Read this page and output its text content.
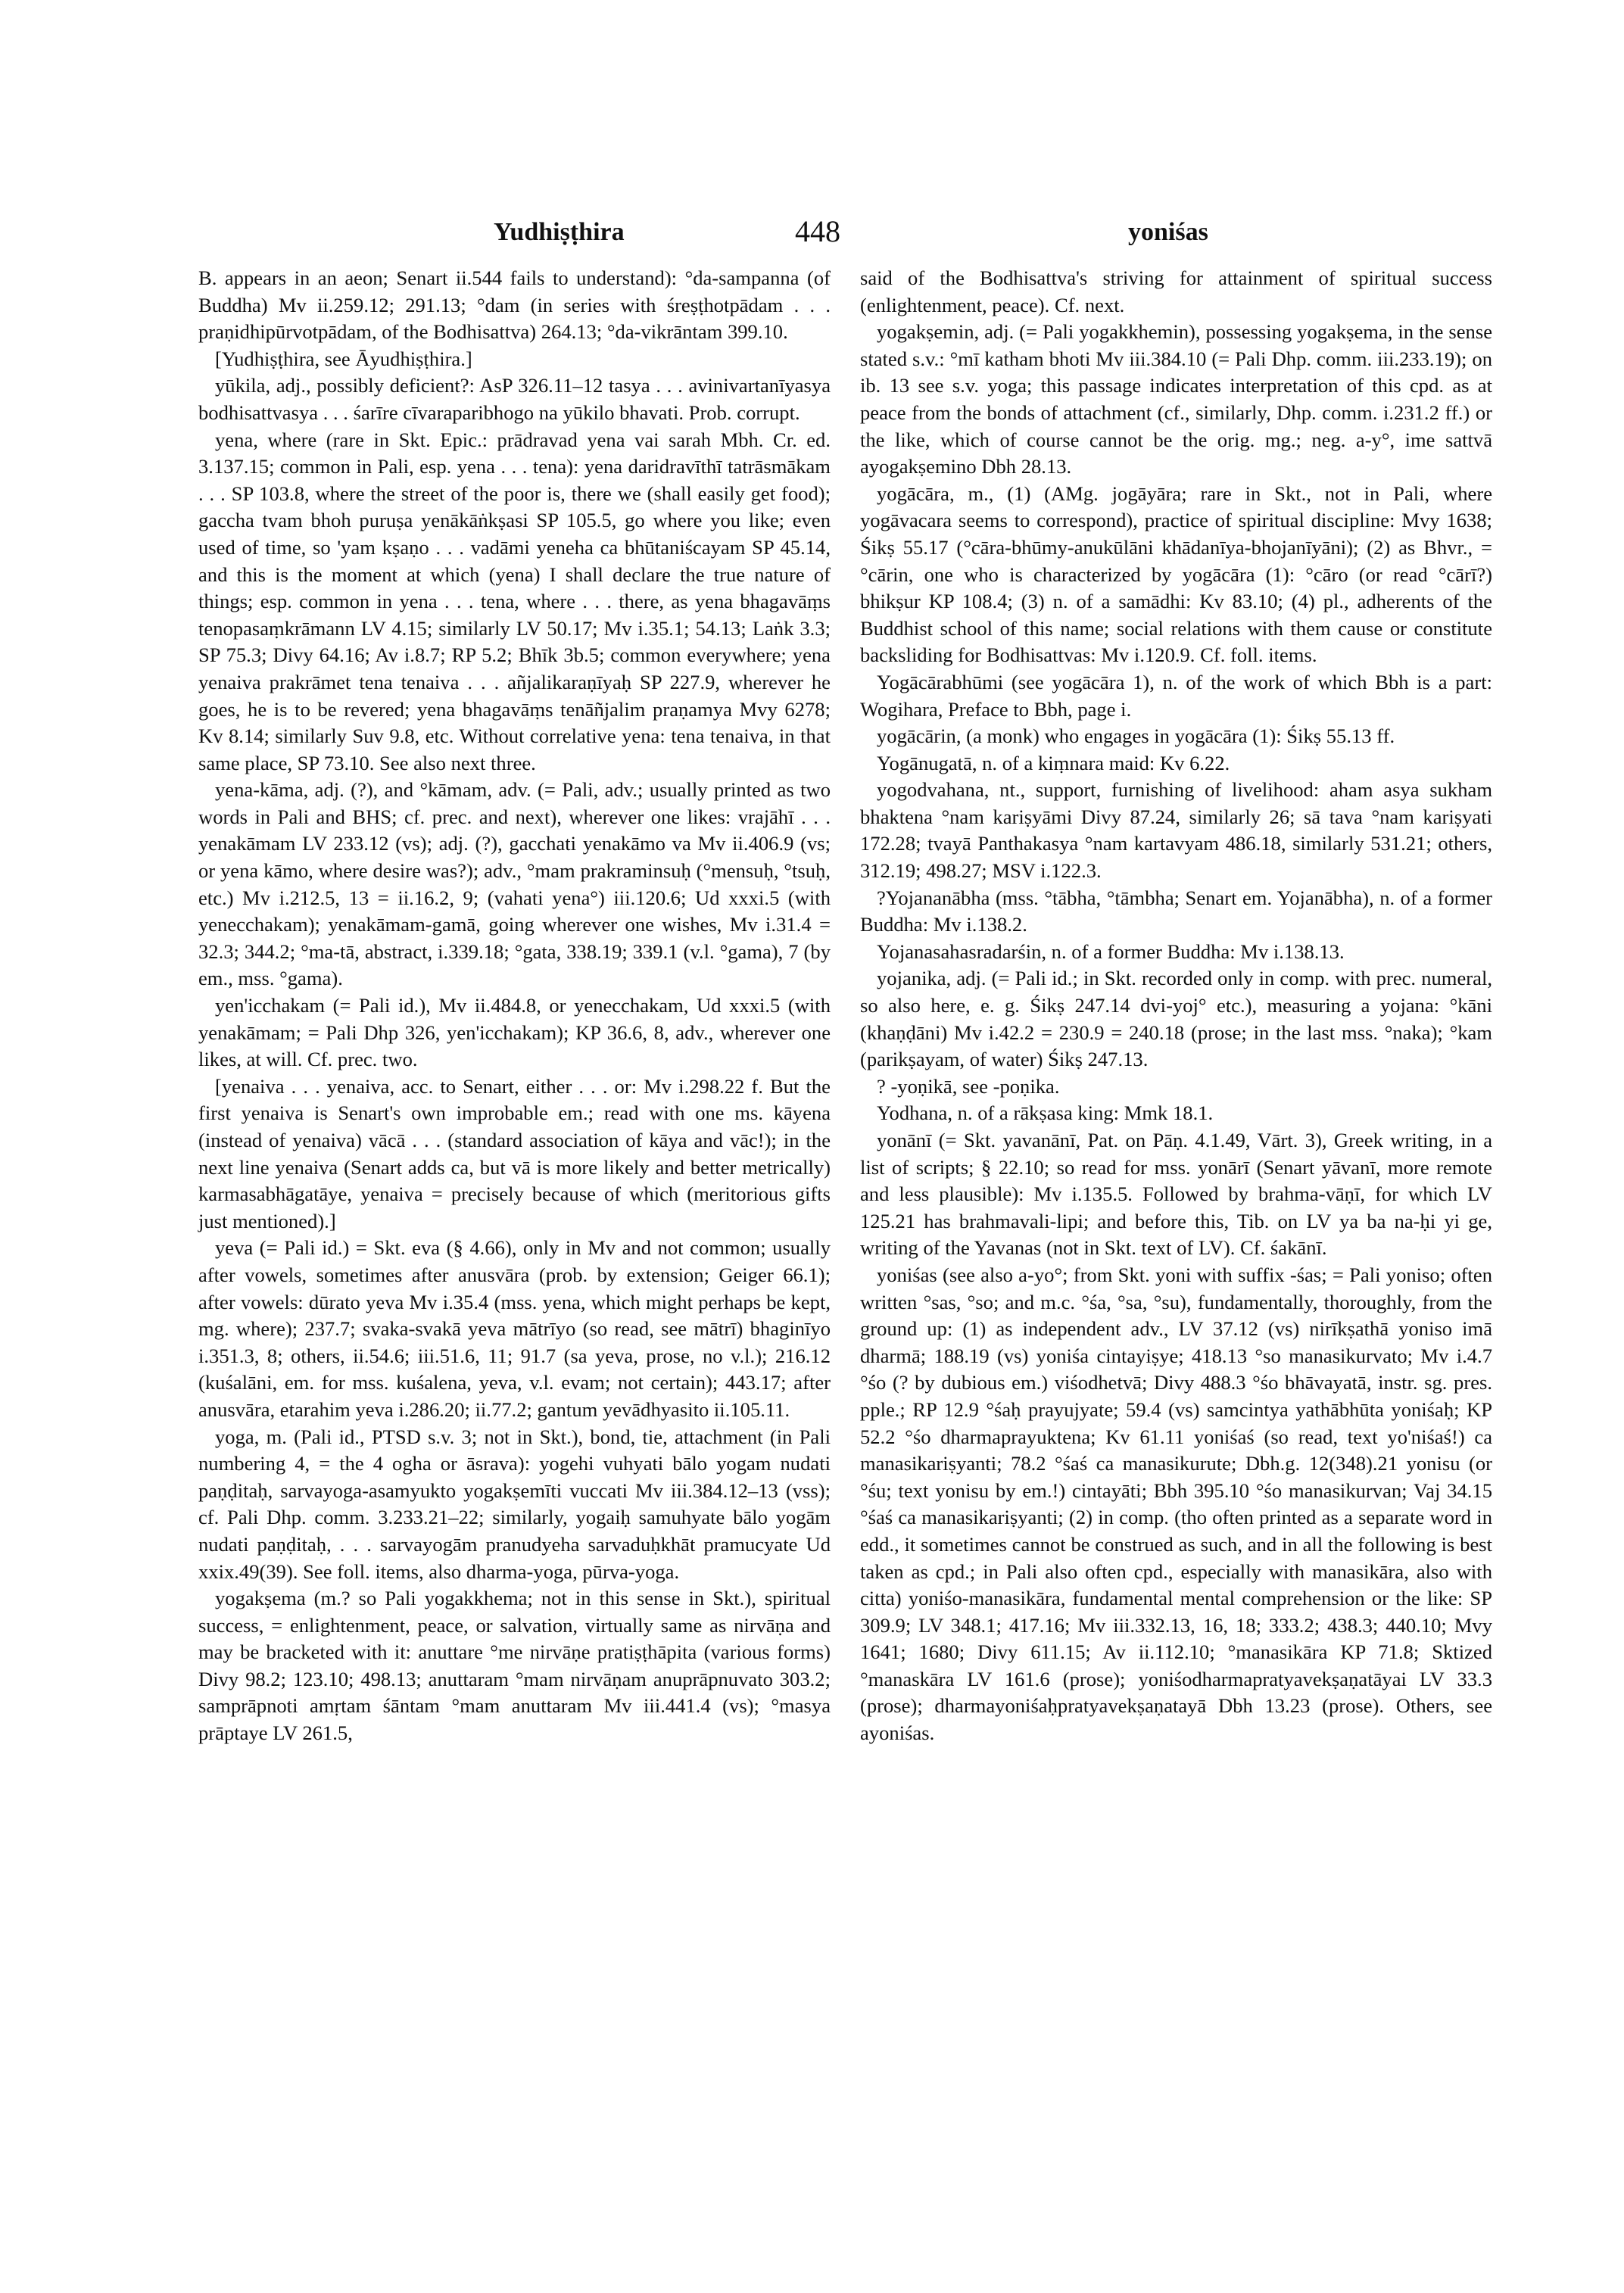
Yudhiṣṭhira	448	yoniśas

B. appears in an aeon; Senart ii.544 fails to understand): °da-sampanna (of Buddha) Mv ii.259.12; 291.13; °dam (in series with śreṣṭhotpādam . . . praṇidhipūrvotpādam, of the Bodhisattva) 264.13; °da-vikrāntam 399.10.

[Yudhiṣṭhira, see Āyudhiṣṭhira.]

yūkila, adj., possibly deficient?: AsP 326.11–12 tasya . . . avinivartanīyasya bodhisattvasya . . . śarīre cīvaraparibhogo na yūkilo bhavati. Prob. corrupt.

yena, where (rare in Skt. Epic.: prādravad yena vai sarah Mbh. Cr. ed. 3.137.15; common in Pali, esp. yena . . . tena): yena daridravīthī tatrāsmākam . . . SP 103.8, where the street of the poor is, there we (shall easily get food); gaccha tvam bhoh puruṣa yenākāṅkṣasi SP 105.5, go where you like; even used of time, so 'yam kṣaṇo . . . vadāmi yeneha ca bhūtaniścayam SP 45.14, and this is the moment at which (yena) I shall declare the true nature of things; esp. common in yena . . . tena, where . . . there, as yena bhagavāṃs tenopasaṃkrāmann LV 4.15; similarly LV 50.17; Mv i.35.1; 54.13; Laṅk 3.3; SP 75.3; Divy 64.16; Av i.8.7; RP 5.2; Bhīk 3b.5; common everywhere; yena yenaiva prakrāmet tena tenaiva . . . añjalikaraṇīyaḥ SP 227.9, wherever he goes, he is to be revered; yena bhagavāṃs tenāñjalim praṇamya Mvy 6278; Kv 8.14; similarly Suv 9.8, etc. Without correlative yena: tena tenaiva, in that same place, SP 73.10. See also next three.

yena-kāma, adj. (?), and °kāmam, adv. (= Pali, adv.; usually printed as two words in Pali and BHS; cf. prec. and next), wherever one likes: vrajāhī . . . yenakāmam LV 233.12 (vs); adj. (?), gacchati yenakāmo va Mv ii.406.9 (vs; or yena kāmo, where desire was?); adv., °mam prakraminsuḥ (°mensuḥ, °tsuḥ, etc.) Mv i.212.5, 13 = ii.16.2, 9; (vahati yena°) iii.120.6; Ud xxxi.5 (with yenecchakam); yenakāmam-gamā, going wherever one wishes, Mv i.31.4 = 32.3; 344.2; °ma-tā, abstract, i.339.18; °gata, 338.19; 339.1 (v.l. °gama), 7 (by em., mss. °gama).

yen'icchakam (= Pali id.), Mv ii.484.8, or yenecchakam, Ud xxxi.5 (with yenakāmam; = Pali Dhp 326, yen'icchakam); KP 36.6, 8, adv., wherever one likes, at will. Cf. prec. two.

[yenaiva . . . yenaiva, acc. to Senart, either . . . or: Mv i.298.22 f. But the first yenaiva is Senart's own improbable em.; read with one ms. kāyena (instead of yenaiva) vācā . . . (standard association of kāya and vāc!); in the next line yenaiva (Senart adds ca, but vā is more likely and better metrically) karmasabhāgatāye, yenaiva = precisely because of which (meritorious gifts just mentioned).]

yeva (= Pali id.) = Skt. eva (§ 4.66), only in Mv and not common; usually after vowels, sometimes after anusvāra (prob. by extension; Geiger 66.1); after vowels: dūrato yeva Mv i.35.4 (mss. yena, which might perhaps be kept, mg. where); 237.7; svaka-svakā yeva mātrīyo (so read, see mātrī) bhaginīyo i.351.3, 8; others, ii.54.6; iii.51.6, 11; 91.7 (sa yeva, prose, no v.l.); 216.12 (kuśalāni, em. for mss. kuśalena, yeva, v.l. evam; not certain); 443.17; after anusvāra, etarahim yeva i.286.20; ii.77.2; gantum yevādhyasito ii.105.11.

yoga, m. (Pali id., PTSD s.v. 3; not in Skt.), bond, tie, attachment (in Pali numbering 4, = the 4 ogha or āsrava): yogehi vuhyati bālo yogam nudati paṇḍitaḥ, sarvayoga-asamyukto yogakṣemīti vuccati Mv iii.384.12–13 (vss); cf. Pali Dhp. comm. 3.233.21–22; similarly, yogaiḥ samuhyate bālo yogām nudati paṇḍitaḥ, . . . sarvayogām pranudyeha sarvaduḥkhāt pramucyate Ud xxix.49(39). See foll. items, also dharma-yoga, pūrva-yoga.

yogakṣema (m.? so Pali yogakkhema; not in this sense in Skt.), spiritual success, = enlightenment, peace, or salvation, virtually same as nirvāṇa and may be bracketed with it: anuttare °me nirvāṇe pratiṣṭhāpita (various forms) Divy 98.2; 123.10; 498.13; anuttaram °mam nirvāṇam anuprāpnuvato 303.2; samprāpnoti amṛtam śāntam °mam anuttaram Mv iii.441.4 (vs); °masya prāptaye LV 261.5,

said of the Bodhisattva's striving for attainment of spiritual success (enlightenment, peace). Cf. next.

yogakṣemin, adj. (= Pali yogakkhemin), possessing yogakṣema, in the sense stated s.v.: °mī katham bhoti Mv iii.384.10 (= Pali Dhp. comm. iii.233.19); on ib. 13 see s.v. yoga; this passage indicates interpretation of this cpd. as at peace from the bonds of attachment (cf., similarly, Dhp. comm. i.231.2 ff.) or the like, which of course cannot be the orig. mg.; neg. a-y°, ime sattvā ayogakṣemino Dbh 28.13.

yogācāra, m., (1) (AMg. jogāyāra; rare in Skt., not in Pali, where yogāvacara seems to correspond), practice of spiritual discipline: Mvy 1638; Śikṣ 55.17 (°cāra-bhūmy-anukūlāni khādanīya-bhojanīyāni); (2) as Bhvr., = °cārin, one who is characterized by yogācāra (1): °cāro (or read °cārī?) bhikṣur KP 108.4; (3) n. of a samādhi: Kv 83.10; (4) pl., adherents of the Buddhist school of this name; social relations with them cause or constitute backsliding for Bodhisattvas: Mv i.120.9. Cf. foll. items.

Yogācārabhūmi (see yogācāra 1), n. of the work of which Bbh is a part: Wogihara, Preface to Bbh, page i.

yogācārin, (a monk) who engages in yogācāra (1): Śikṣ 55.13 ff.

Yogānugatā, n. of a kiṃnara maid: Kv 6.22.

yogodvahana, nt., support, furnishing of livelihood: aham asya sukham bhaktena °nam kariṣyāmi Divy 87.24, similarly 26; sā tava °nam kariṣyati 172.28; tvayā Panthakasya °nam kartavyam 486.18, similarly 531.21; others, 312.19; 498.27; MSV i.122.3.

?Yojananābha (mss. °tābha, °tāmbha; Senart em. Yojanābha), n. of a former Buddha: Mv i.138.2.

Yojanasahasradarśin, n. of a former Buddha: Mv i.138.13.

yojanika, adj. (= Pali id.; in Skt. recorded only in comp. with prec. numeral, so also here, e. g. Śikṣ 247.14 dvi-yoj° etc.), measuring a yojana: °kāni (khaṇḍāni) Mv i.42.2 = 230.9 = 240.18 (prose; in the last mss. °naka); °kam (parikṣayam, of water) Śikṣ 247.13.

? -yoṇikā, see -poṇika.

Yodhana, n. of a rākṣasa king: Mmk 18.1.

yonānī (= Skt. yavanānī, Pat. on Pāṇ. 4.1.49, Vārt. 3), Greek writing, in a list of scripts; § 22.10; so read for mss. yonārī (Senart yāvanī, more remote and less plausible): Mv i.135.5. Followed by brahma-vāṇī, for which LV 125.21 has brahmavali-lipi; and before this, Tib. on LV ya ba na-ḥi yi ge, writing of the Yavanas (not in Skt. text of LV). Cf. śakānī.

yoniśas (see also a-yo°; from Skt. yoni with suffix -śas; = Pali yoniso; often written °sas, °so; and m.c. °śa, °sa, °su), fundamentally, thoroughly, from the ground up: (1) as independent adv., LV 37.12 (vs) nirīkṣathā yoniso imā dharmā; 188.19 (vs) yoniśa cintayiṣye; 418.13 °so manasikurvato; Mv i.4.7 °śo (? by dubious em.) viśodhetvā; Divy 488.3 °śo bhāvayatā, instr. sg. pres. pple.; RP 12.9 °śaḥ prayujyate; 59.4 (vs) samcintya yathābhūta yoniśaḥ; KP 52.2 °śo dharmaprayuktena; Kv 61.11 yoniśaś (so read, text yo'niśaś!) ca manasikariṣyanti; 78.2 °śaś ca manasikurute; Dbh.g. 12(348).21 yonisu (or °śu; text yonisu by em.!) cintayāti; Bbh 395.10 °śo manasikurvan; Vaj 34.15 °śaś ca manasikariṣyanti; (2) in comp. (tho often printed as a separate word in edd., it sometimes cannot be construed as such, and in all the following is best taken as cpd.; in Pali also often cpd., especially with manasikāra, also with citta) yoniśo-manasikāra, fundamental mental comprehension or the like: SP 309.9; LV 348.1; 417.16; Mv iii.332.13, 16, 18; 333.2; 438.3; 440.10; Mvy 1641; 1680; Divy 611.15; Av ii.112.10; °manasikāra KP 71.8; Sktized °manaskāra LV 161.6 (prose); yoniśodharmapratyavekṣaṇatāyai LV 33.3 (prose); dharmayoniśaḥpratyavekṣaṇatayā Dbh 13.23 (prose). Others, see ayoniśas.
